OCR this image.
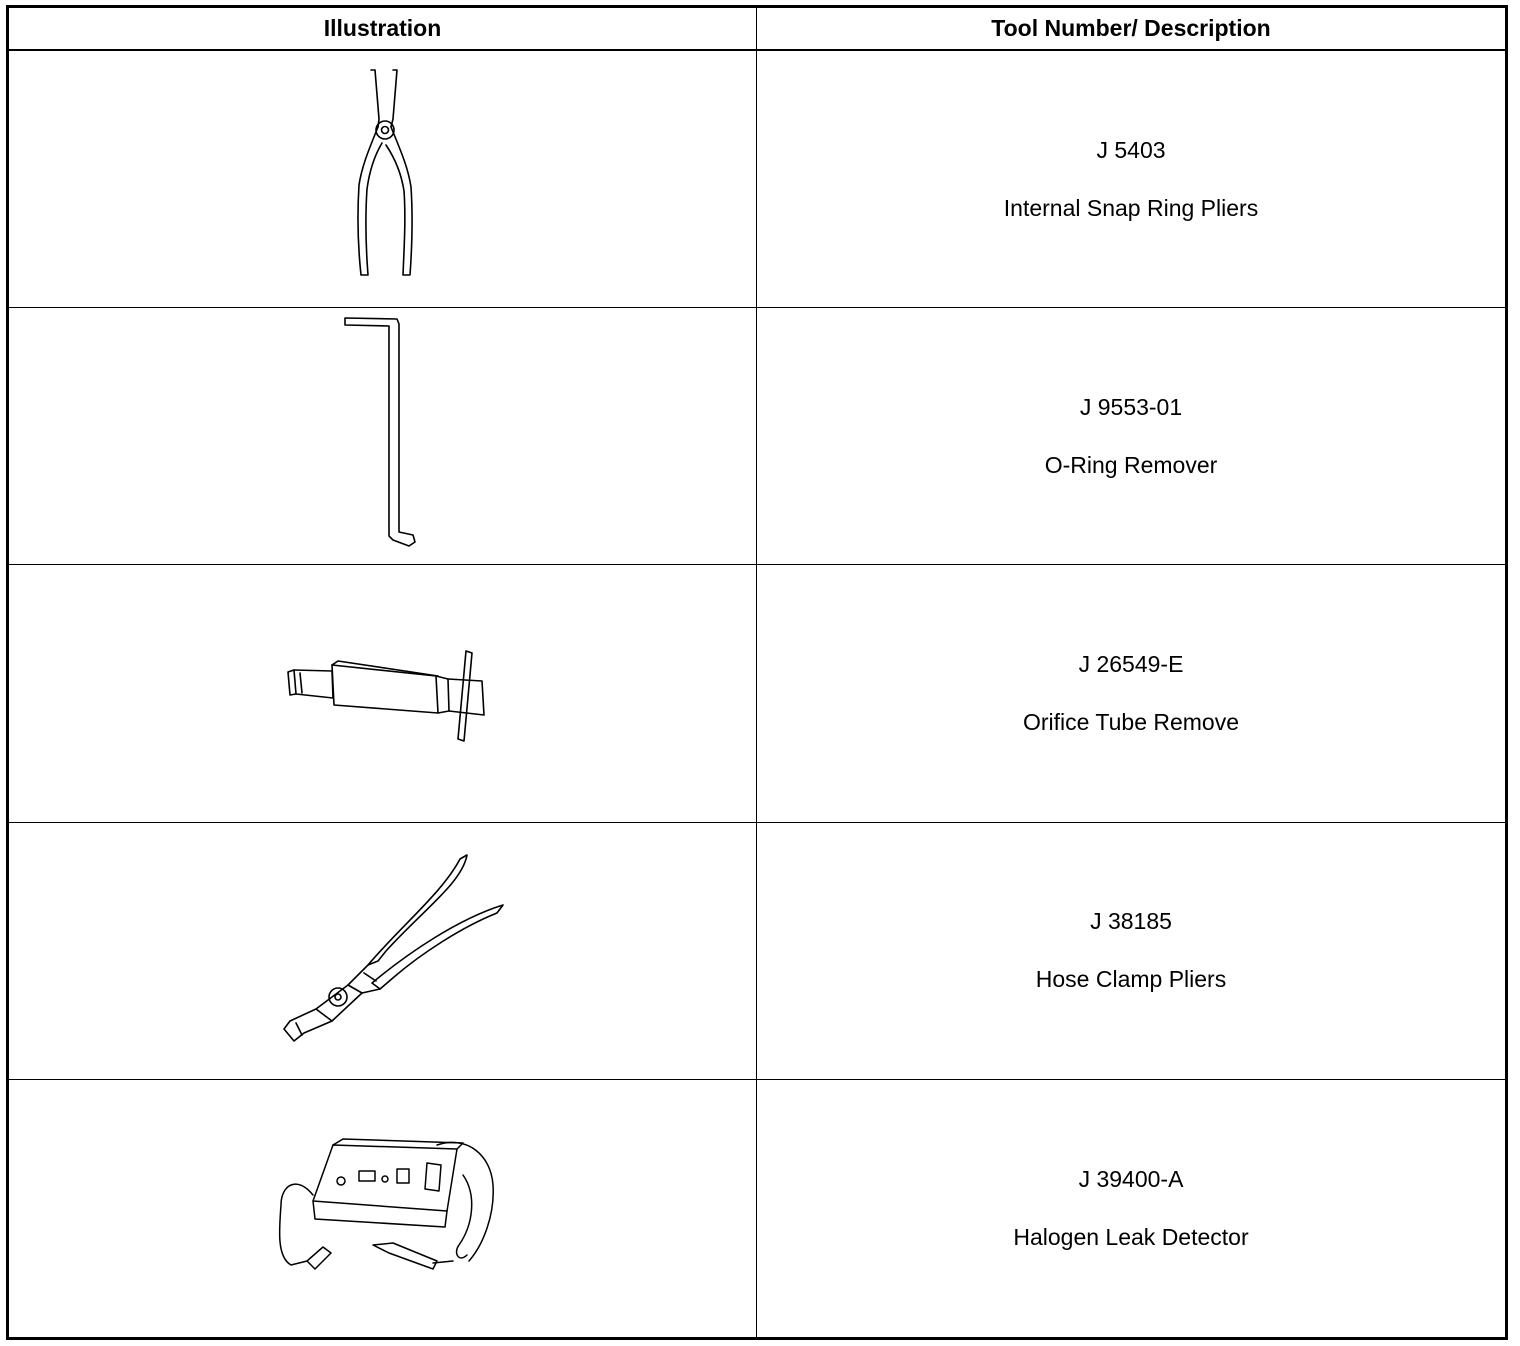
Illustration	Tool Number/ Description
J 5403
Internal Snap Ring Pliers
J 9553-01
O-Ring Remover
J 26549-E
Orifice Tube Remove
J 38185
Hose Clamp Pliers
J 39400-A
Halogen Leak Detector
